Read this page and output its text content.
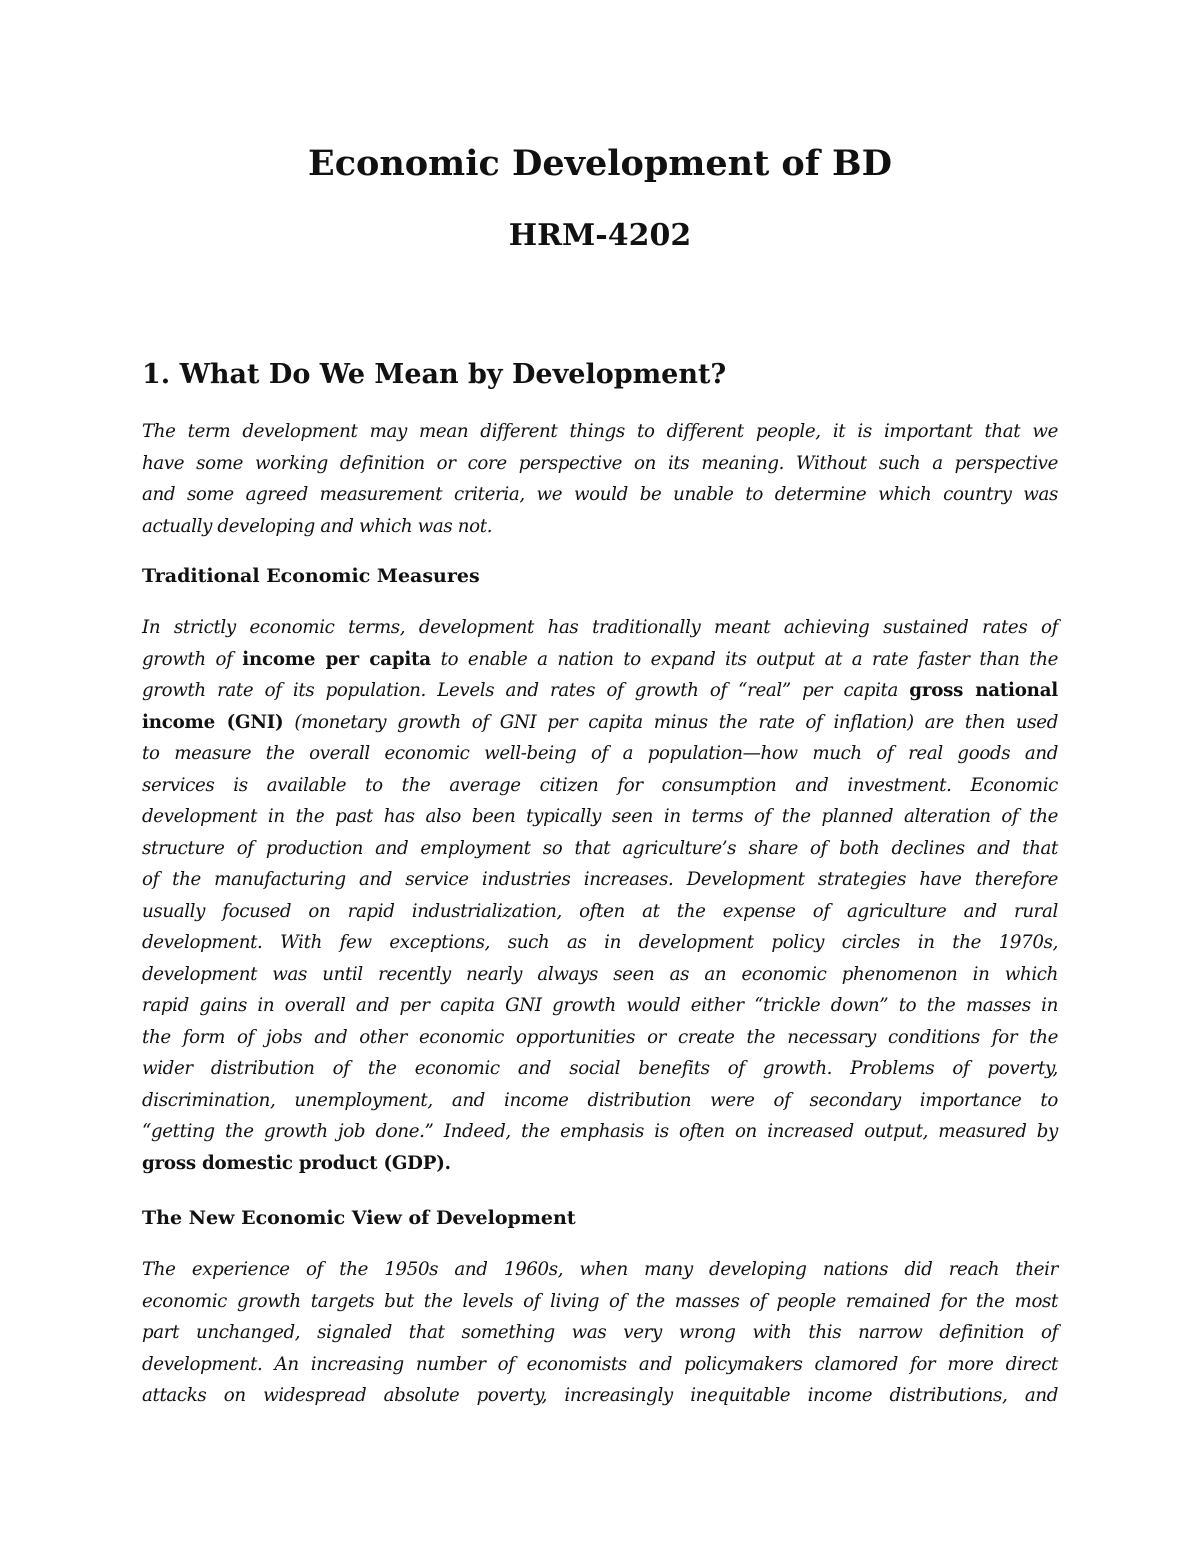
Economic Development of BD
HRM-4202
1. What Do We Mean by Development?
The term development may mean different things to different people, it is important that we
have some working definition or core perspective on its meaning. Without such a perspective
and some agreed measurement criteria, we would be unable to determine which country was
actually developing and which was not.
Traditional Economic Measures
In strictly economic terms, development has traditionally meant achieving sustained rates of
growth of income per capita to enable a nation to expand its output at a rate faster than the
growth rate of its population. Levels and rates of growth of “real” per capita gross national
income (GNI) (monetary growth of GNI per capita minus the rate of inflation) are then used
to measure the overall economic well-being of a population—how much of real goods and
services is available to the average citizen for consumption and investment. Economic
development in the past has also been typically seen in terms of the planned alteration of the
structure of production and employment so that agriculture’s share of both declines and that
of the manufacturing and service industries increases. Development strategies have therefore
usually focused on rapid industrialization, often at the expense of agriculture and rural
development. With few exceptions, such as in development policy circles in the 1970s,
development was until recently nearly always seen as an economic phenomenon in which
rapid gains in overall and per capita GNI growth would either “trickle down” to the masses in
the form of jobs and other economic opportunities or create the necessary conditions for the
wider distribution of the economic and social benefits of growth. Problems of poverty,
discrimination, unemployment, and income distribution were of secondary importance to
“getting the growth job done.” Indeed, the emphasis is often on increased output, measured by
gross domestic product (GDP).
The New Economic View of Development
The experience of the 1950s and 1960s, when many developing nations did reach their
economic growth targets but the levels of living of the masses of people remained for the most
part unchanged, signaled that something was very wrong with this narrow definition of
development. An increasing number of economists and policymakers clamored for more direct
attacks on widespread absolute poverty, increasingly inequitable income distributions, and
